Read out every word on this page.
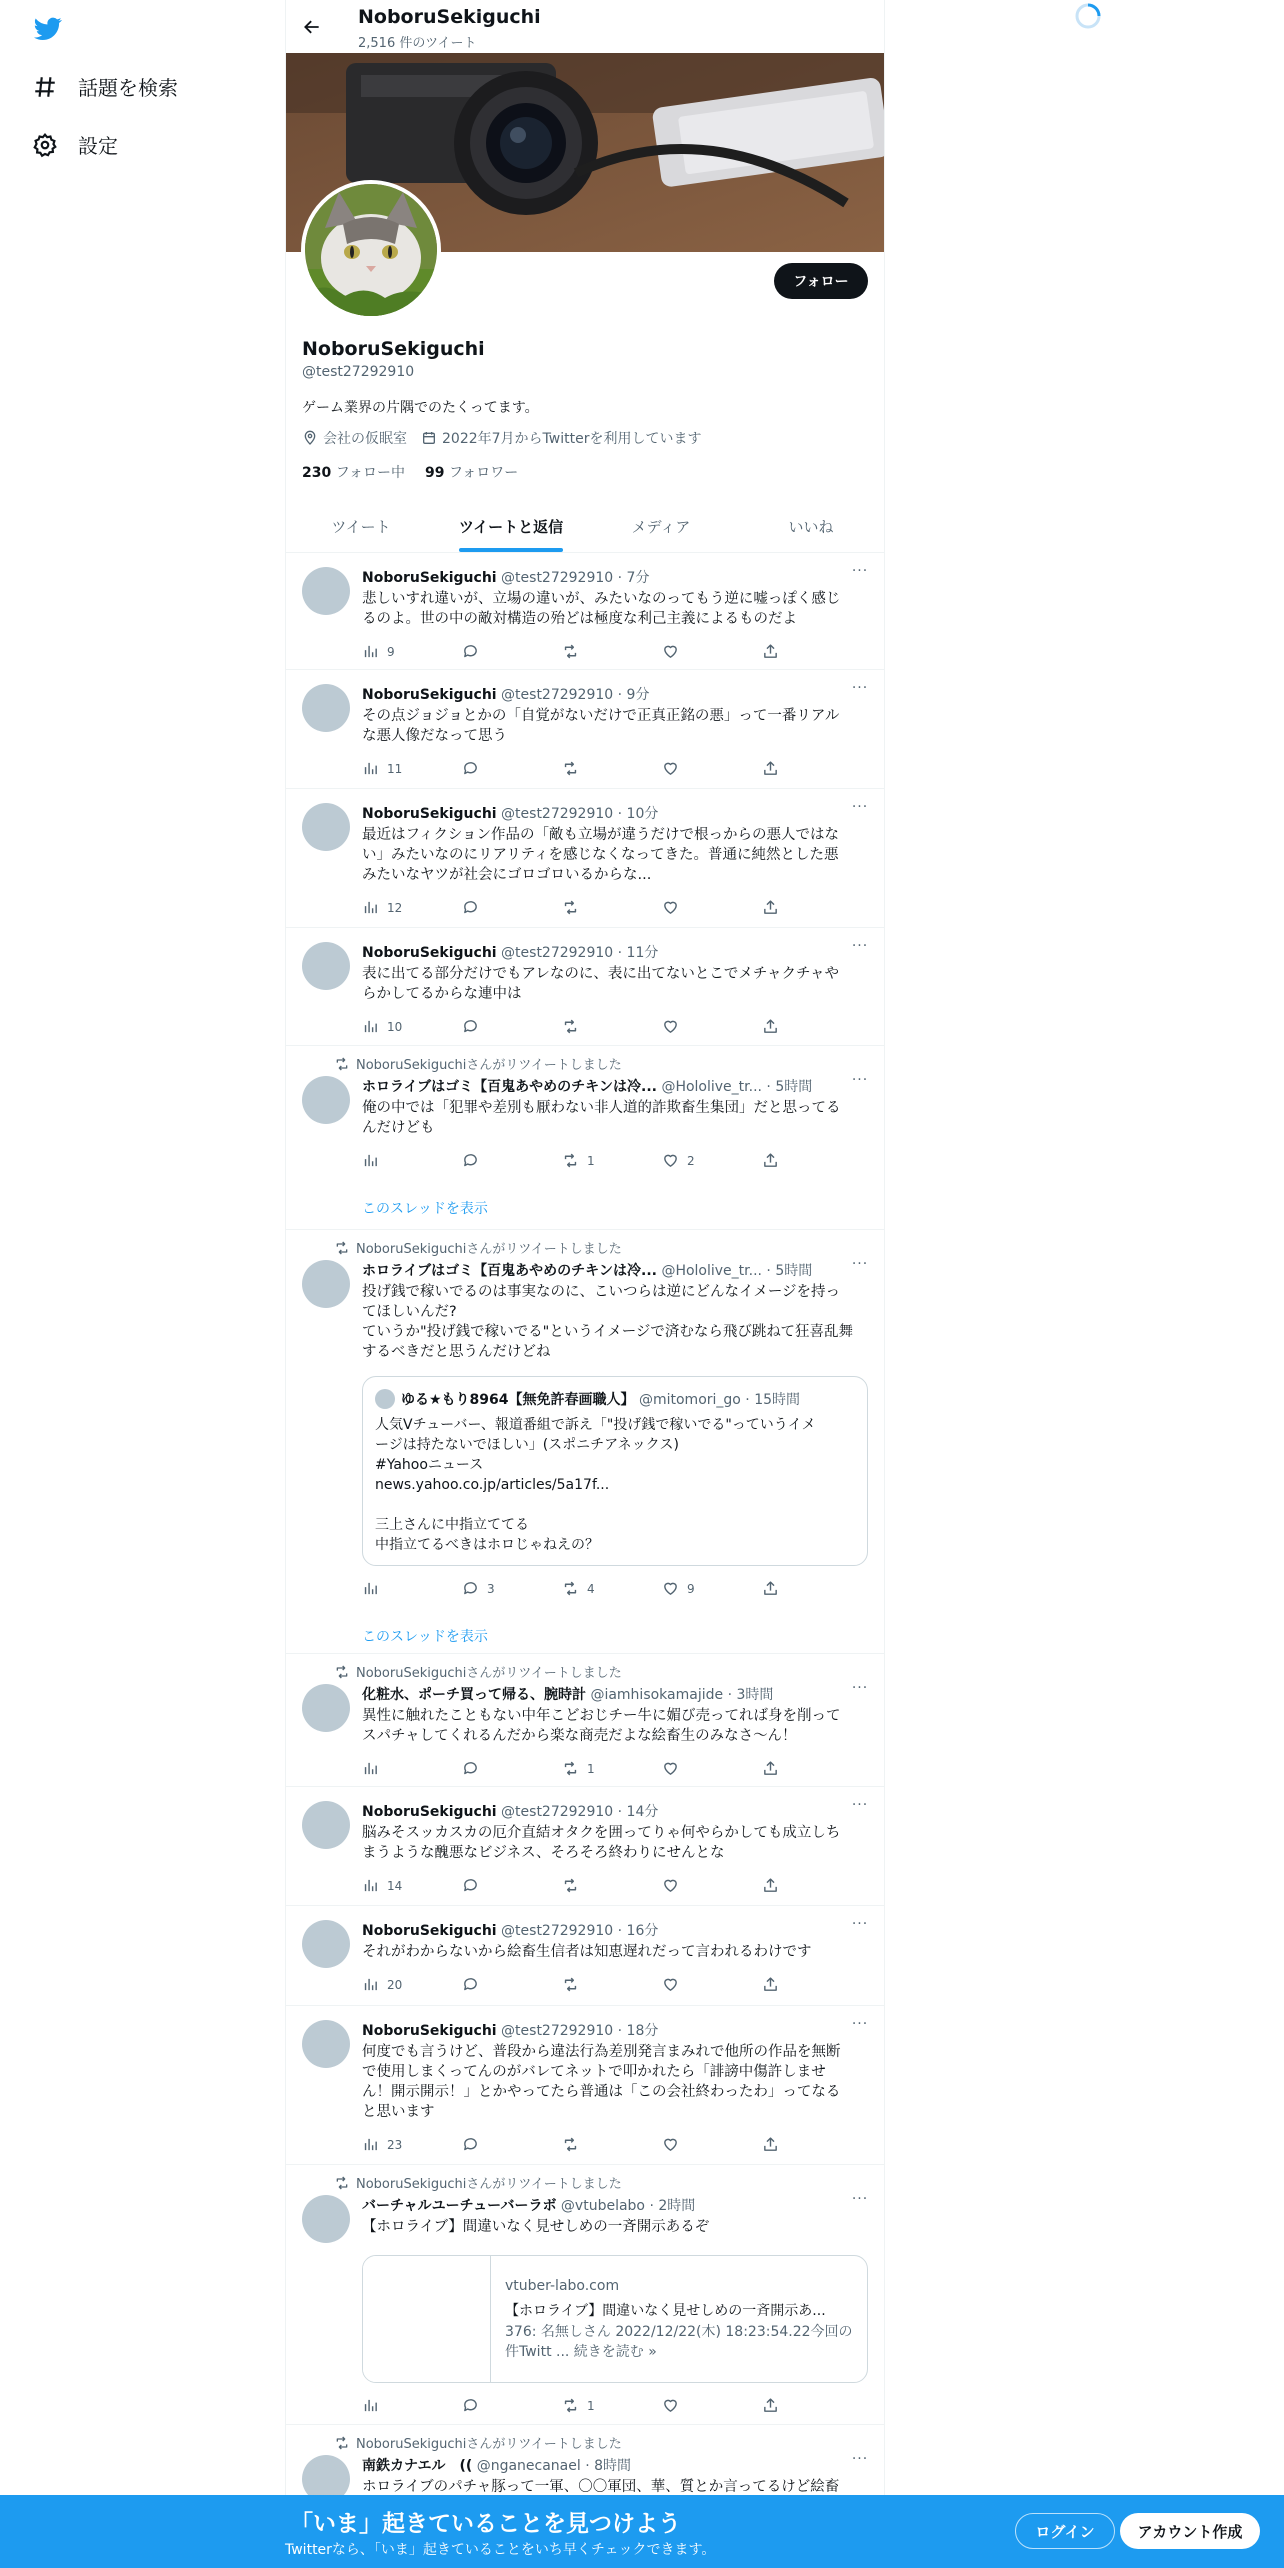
話題を検索
設定
NoboruSekiguchi
2,516 件のツイート
フォロー
NoboruSekiguchi
@test27292910
ゲーム業界の片隅でのたくってます。
会社の仮眠室	2022年7月からTwitterを利用しています
230 フォロー中 99 フォロワー
ツイート	ツイートと返信	メディア	いいね
NoboruSekiguchi @test27292910 · 7分	···
悲しいすれ違いが、立場の違いが、みたいなのってもう逆に嘘っぽく感じ
るのよ。世の中の敵対構造の殆どは極度な利己主義によるものだよ
9
NoboruSekiguchi @test27292910 · 9分	···
その点ジョジョとかの「自覚がないだけで正真正銘の悪」って一番リアル
な悪人像だなって思う
11
NoboruSekiguchi @test27292910 · 10分	···
最近はフィクション作品の「敵も立場が違うだけで根っからの悪人ではな
い」みたいなのにリアリティを感じなくなってきた。普通に純然とした悪
みたいなヤツが社会にゴロゴロいるからな...
12
NoboruSekiguchi @test27292910 · 11分	···
表に出てる部分だけでもアレなのに、表に出てないとこでメチャクチャや
らかしてるからな連中は
10
NoboruSekiguchiさんがリツイートしました
ホロライブはゴミ【百鬼あやめのチキンは冷... @Hololive_tr... · 5時間	···
俺の中では「犯罪や差別も厭わない非人道的詐欺畜生集団」だと思ってる
んだけども
1	2
このスレッドを表示
NoboruSekiguchiさんがリツイートしました
ホロライブはゴミ【百鬼あやめのチキンは冷... @Hololive_tr... · 5時間	···
投げ銭で稼いでるのは事実なのに、こいつらは逆にどんなイメージを持っ
てほしいんだ?
ていうか"投げ銭で稼いでる"というイメージで済むなら飛び跳ねて狂喜乱舞
するべきだと思うんだけどね
ゆる★もり8964【無免許春画職人】 @mitomori_go · 15時間
人気Vチューバー、報道番組で訴え「"投げ銭で稼いでる"っていうイメ
ージは持たないでほしい」(スポニチアネックス)
#Yahooニュース
news.yahoo.co.jp/articles/5a17f...
三上さんに中指立ててる
中指立てるべきはホロじゃねえの？
3	4	9
このスレッドを表示
NoboruSekiguchiさんがリツイートしました
化粧水、ポーチ買って帰る、腕時計 @iamhisokamajide · 3時間	···
異性に触れたこともない中年こどおじチー牛に媚び売ってれば身を削って
スパチャしてくれるんだから楽な商売だよな絵畜生のみなさ〜ん！
1
NoboruSekiguchi @test27292910 · 14分	···
脳みそスッカスカの厄介直結オタクを囲ってりゃ何やらかしても成立しち
まうような醜悪なビジネス、そろそろ終わりにせんとな
14
NoboruSekiguchi @test27292910 · 16分	···
それがわからないから絵畜生信者は知恵遅れだって言われるわけです
20
NoboruSekiguchi @test27292910 · 18分	···
何度でも言うけど、普段から違法行為差別発言まみれで他所の作品を無断
で使用しまくってんのがバレてネットで叩かれたら「誹謗中傷許しませ
ん！開示開示！」とかやってたら普通は「この会社終わったわ」ってなる
と思います
23
NoboruSekiguchiさんがリツイートしました
バーチャルユーチューバーラボ @vtubelabo · 2時間	···
【ホロライブ】間違いなく見せしめの一斉開示あるぞ
vtuber-labo.com
【ホロライブ】間違いなく見せしめの一斉開示あ...
376: 名無しさん 2022/12/22(木) 18:23:54.22今回の
件Twitt ... 続きを読む »
1
NoboruSekiguchiさんがリツイートしました
南鉄カナエル　(( @nganecanael · 8時間	···
ホロライブのパチャ豚って一軍、〇〇軍団、華、質とか言ってるけど絵畜
「いま」起きていることを見つけよう
Twitterなら、「いま」起きていることをいち早くチェックできます。
ログイン	アカウント作成
